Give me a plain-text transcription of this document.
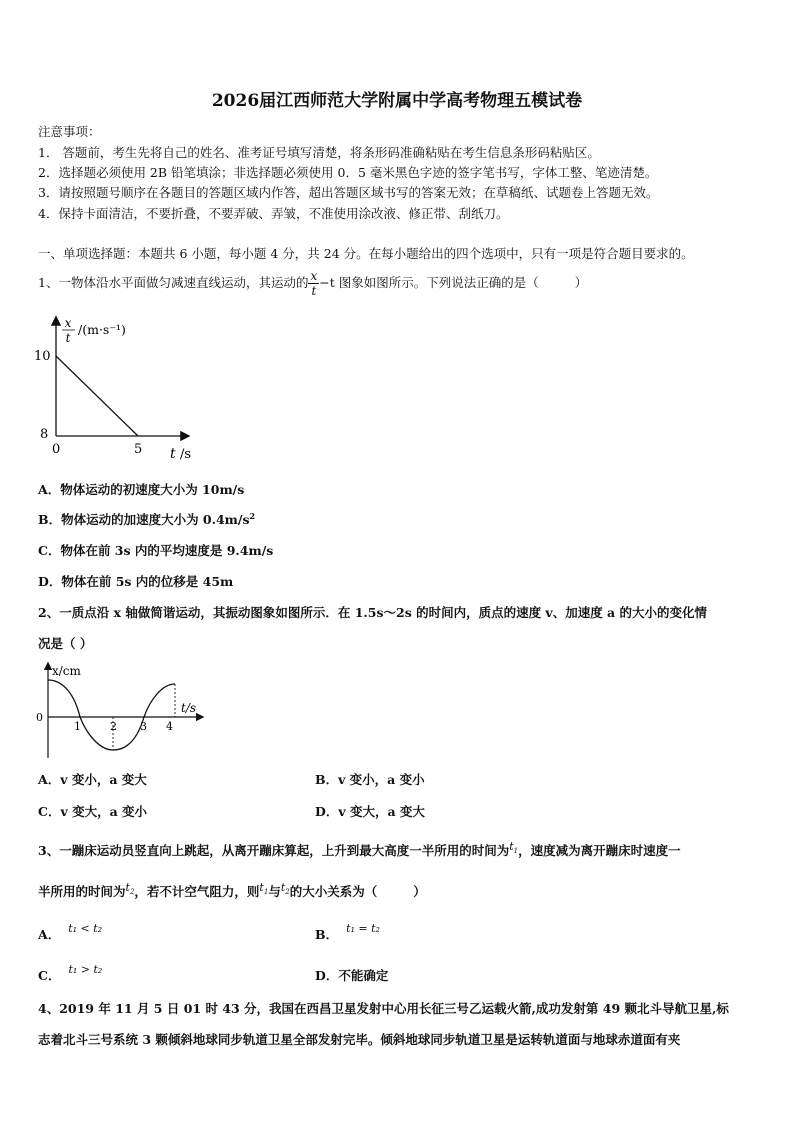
2026届江西师范大学附属中学高考物理五模试卷
注意事项：
1． 答题前，考生先将自己的姓名、准考证号填写清楚，将条形码准确粘贴在考生信息条形码粘贴区。
2．选择题必须使用 2B 铅笔填涂；非选择题必须使用 0．5 毫米黑色字迹的签字笔书写，字体工整、笔迹清楚。
3．请按照题号顺序在各题目的答题区域内作答，超出答题区域书写的答案无效；在草稿纸、试题卷上答题无效。
4．保持卡面清洁，不要折叠，不要弄破、弄皱，不准使用涂改液、修正带、刮纸刀。
一、单项选择题：本题共 6 小题，每小题 4 分，共 24 分。在每小题给出的四个选项中，只有一项是符合题目要求的。
1、一物体沿水平面做匀减速直线运动，其运动的 $\frac{x}{t} -t$ 图象如图所示。下列说法正确的是（	）
x
t
/(m·s⁻¹)
10
8
0	5 t /s
A．物体运动的初速度大小为 10m/s
B．物体运动的加速度大小为 $0.4m/s^2$
C．物体在前 3s 内的平均速度是 9.4m/s
D．物体在前 5s 内的位移是 45m
2、一质点沿 x 轴做简谐运动，其振动图象如图所示．在 1.5s～2s 的时间内，质点的速度 v、加速度 a 的大小的变化情
况是（ ）
x/cm
0
1	2 3 4
t/s
A．v 变小，a 变大	B．v 变小，a 变小
C．v 变大，a 变小	D．v 变大，a 变大
3、一蹦床运动员竖直向上跳起，从离开蹦床算起，上升到最大高度一半所用的时间为$t_1$，速度减为离开蹦床时速度一
半所用的时间为$t_2$，若不计空气阻力，则$t_1$与$t_2$的大小关系为（	）
A． t₁ < t₂	B． t₁ = t₂
C． t₁ > t₂	D．不能确定
4、2019 年 11 月 5 日 01 时 43 分，我国在西昌卫星发射中心用长征三号乙运载火箭,成功发射第 49 颗北斗导航卫星,标
志着北斗三号系统 3 颗倾斜地球同步轨道卫星全部发射完毕。倾斜地球同步轨道卫星是运转轨道面与地球赤道面有夹
